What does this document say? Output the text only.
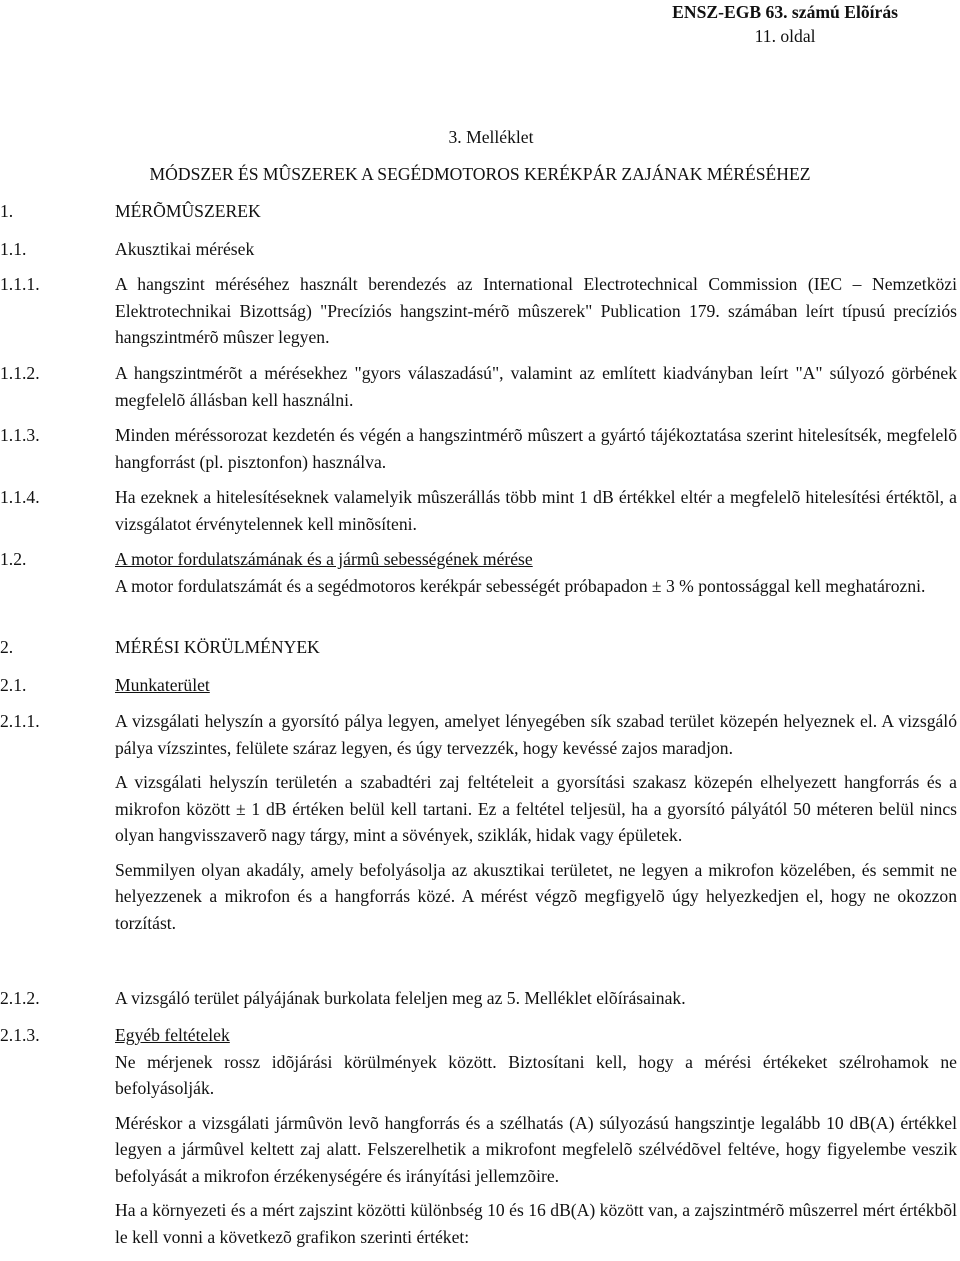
ENSZ-EGB 63. számú Elõírás
11. oldal
3. Melléklet
MÓDSZER ÉS MÛSZEREK A SEGÉDMOTOROS KERÉKPÁR ZAJÁNAK MÉRÉSÉHEZ
1.	MÉRÕMÛSZEREK
1.1.	Akusztikai mérések
1.1.1.	A hangszint méréséhez használt berendezés az International Electrotechnical Commission (IEC – Nemzetközi Elektrotechnikai Bizottság) "Precíziós hangszint-mérõ mûszerek" Publication 179. számában leírt típusú precíziós hangszintmérõ mûszer legyen.

1.1.2.	A hangszintmérõt a mérésekhez "gyors válaszadású", valamint az említett kiadványban leírt "A" súlyozó görbének megfelelõ állásban kell használni.

1.1.3.	Minden méréssorozat kezdetén és végén a hangszintmérõ mûszert a gyártó tájékoztatása szerint hitelesítsék, megfelelõ hangforrást (pl. pisztonfon) használva.

1.1.4.	Ha ezeknek a hitelesítéseknek valamelyik mûszerállás több mint 1 dB értékkel eltér a megfelelõ hitelesítési értéktõl, a vizsgálatot érvénytelennek kell minõsíteni.

1.2.	A motor fordulatszámának és a jármû sebességének mérése

A motor fordulatszámát és a segédmotoros kerékpár sebességét próbapadon ± 3 % pontossággal kell meghatározni.

2.	MÉRÉSI KÖRÜLMÉNYEK
2.1.	Munkaterület
2.1.1.	A vizsgálati helyszín a gyorsító pálya legyen, amelyet lényegében sík szabad terület közepén helyeznek el. A vizsgáló pálya vízszintes, felülete száraz legyen, és úgy tervezzék, hogy kevéssé zajos maradjon.

A vizsgálati helyszín területén a szabadtéri zaj feltételeit a gyorsítási szakasz közepén elhelyezett hangforrás és a mikrofon között ± 1 dB értéken belül kell tartani. Ez a feltétel teljesül, ha a gyorsító pályától 50 méteren belül nincs olyan hangvisszaverõ nagy tárgy, mint a sövények, sziklák, hidak vagy épületek.

Semmilyen olyan akadály, amely befolyásolja az akusztikai területet, ne legyen a mikrofon közelében, és semmit ne helyezzenek a mikrofon és a hangforrás közé. A mérést végzõ megfigyelõ úgy helyezkedjen el, hogy ne okozzon torzítást.

2.1.2.	A vizsgáló terület pályájának burkolata feleljen meg az 5. Melléklet elõírásainak.

2.1.3.	Egyéb feltételek

Ne mérjenek rossz idõjárási körülmények között. Biztosítani kell, hogy a mérési értékeket szélrohamok ne befolyásolják.

Méréskor a vizsgálati jármûvön levõ hangforrás és a szélhatás (A) súlyozású hangszintje legalább 10 dB(A) értékkel legyen a jármûvel keltett zaj alatt. Felszerelhetik a mikrofont megfelelõ szélvédõvel feltéve, hogy figyelembe veszik befolyását a mikrofon érzékenységére és irányítási jellemzõire.

Ha a környezeti és a mért zajszint közötti különbség 10 és 16 dB(A) között van, a zajszintmérõ mûszerrel mért értékbõl le kell vonni a következõ grafikon szerinti értéket:
